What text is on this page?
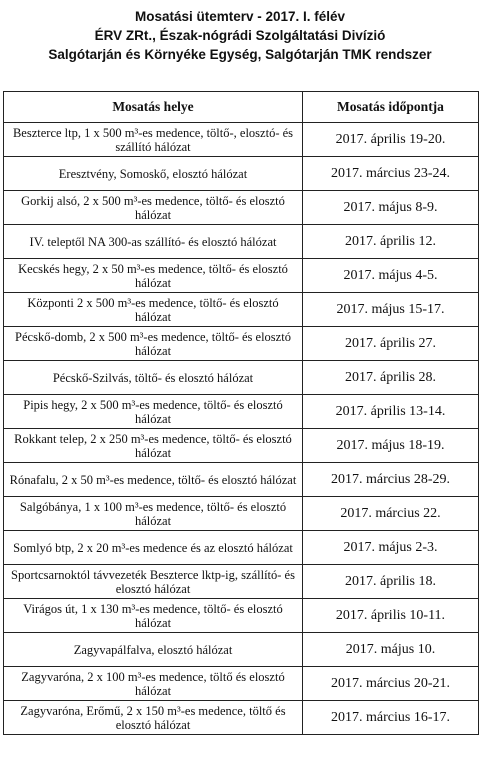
Mosatási ütemterv - 2017. I. félév
ÉRV ZRt., Észak-nógrádi Szolgáltatási Divízió
Salgótarján és Környéke Egység, Salgótarján TMK rendszer
Mosatás helye	Mosatás időpontja
Beszterce ltp, 1 x 500 m³-es medence, töltő-, elosztó- és szállító hálózat	2017. április 19-20.
Eresztvény, Somoskő, elosztó hálózat	2017. március 23-24.
Gorkij alsó, 2 x 500 m³-es medence, töltő- és elosztó hálózat	2017. május 8-9.
IV. teleptől NA 300-as szállító- és elosztó hálózat	2017. április 12.
Kecskés hegy, 2 x 50 m³-es medence, töltő- és elosztó hálózat	2017. május 4-5.
Központi 2 x 500 m³-es medence, töltő- és elosztó hálózat	2017. május 15-17.
Pécskő-domb, 2 x 500 m³-es medence, töltő- és elosztó hálózat	2017. április 27.
Pécskő-Szilvás, töltő- és elosztó hálózat	2017. április 28.
Pipis hegy, 2 x 500 m³-es medence, töltő- és elosztó hálózat	2017. április 13-14.
Rokkant telep, 2 x 250 m³-es medence, töltő- és elosztó hálózat	2017. május 18-19.
Rónafalu, 2 x 50 m³-es medence, töltő- és elosztó hálózat	2017. március 28-29.
Salgóbánya, 1 x 100 m³-es medence, töltő- és elosztó hálózat	2017. március 22.
Somlyó btp, 2 x 20 m³-es medence és az elosztó hálózat	2017. május 2-3.
Sportcsarnoktól távvezeték Beszterce lktp-ig, szállító- és elosztó hálózat	2017. április 18.
Virágos út, 1 x 130 m³-es medence, töltő- és elosztó hálózat	2017. április 10-11.
Zagyvapálfalva, elosztó hálózat	2017. május 10.
Zagyvaróna, 2 x 100 m³-es medence, töltő és elosztó hálózat	2017. március 20-21.
Zagyvaróna, Erőmű, 2 x 150 m³-es medence, töltő és elosztó hálózat	2017. március 16-17.
